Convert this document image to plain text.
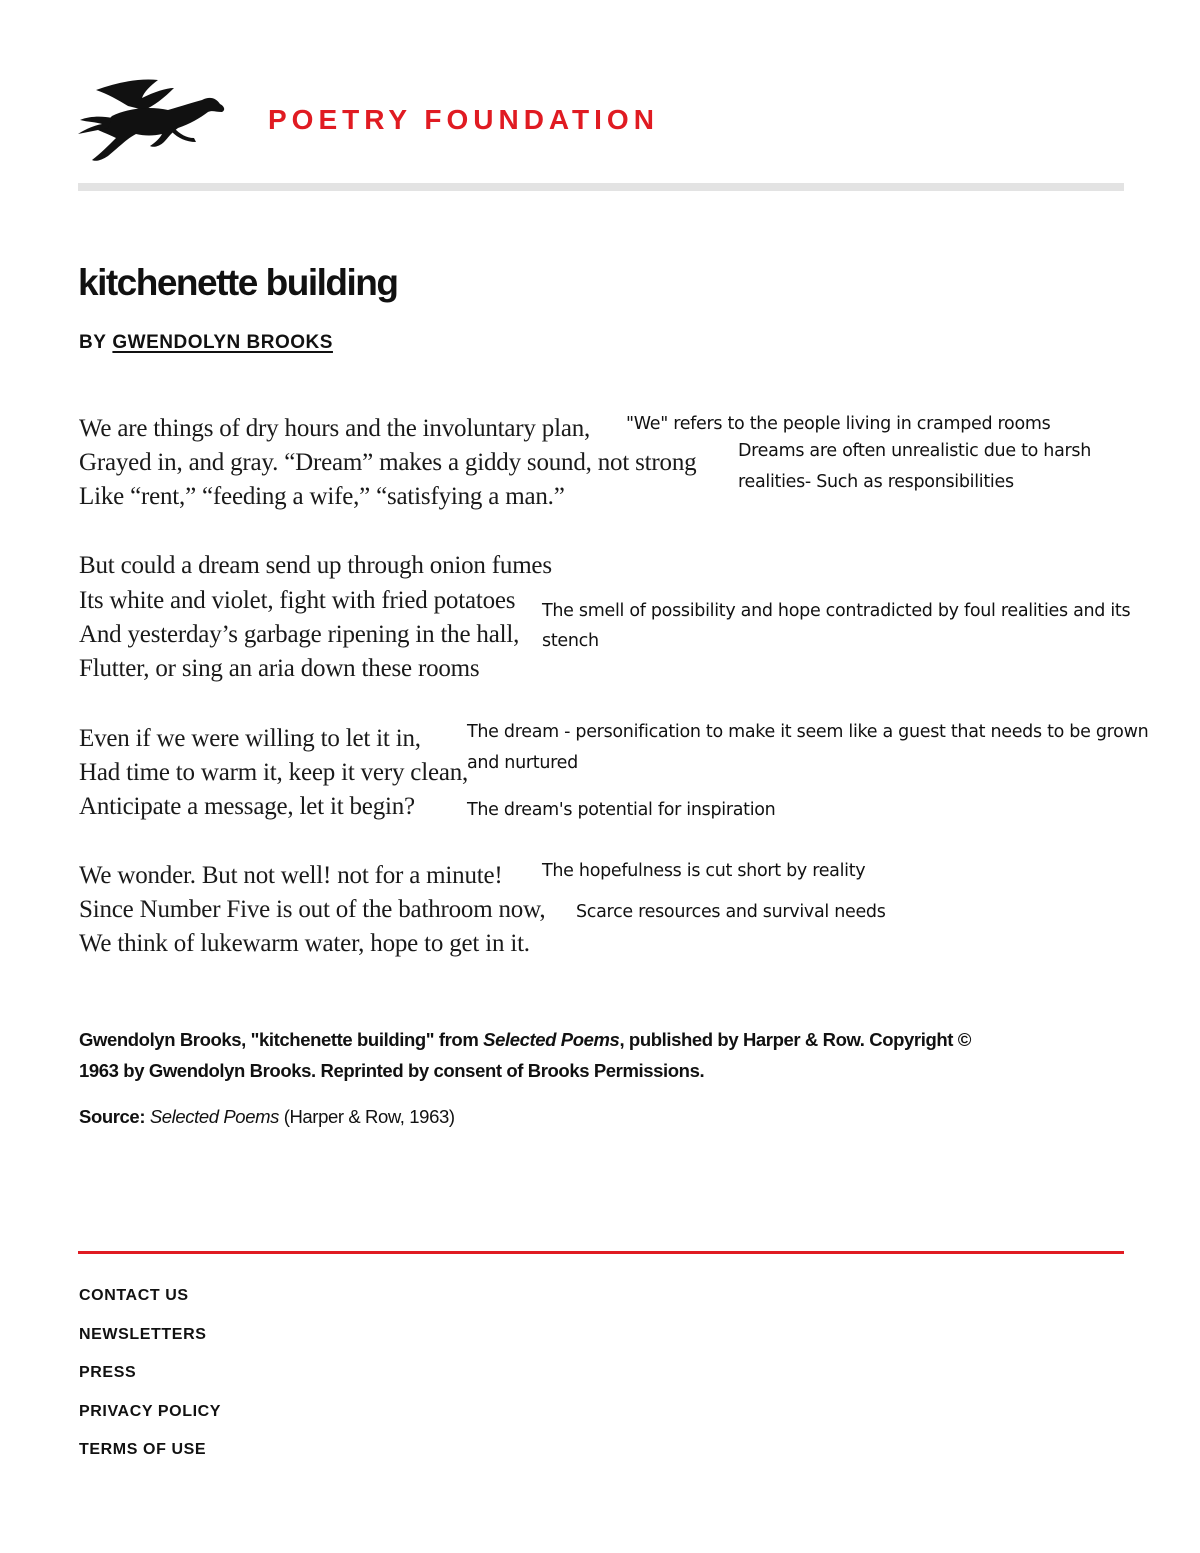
POETRY FOUNDATION
kitchenette building
BY GWENDOLYN BROOKS
We are things of dry hours and the involuntary plan,
Grayed in, and gray. “Dream” makes a giddy sound, not strong
Like “rent,” “feeding a wife,” “satisfying a man.”
But could a dream send up through onion fumes
Its white and violet, fight with fried potatoes
And yesterday’s garbage ripening in the hall,
Flutter, or sing an aria down these rooms
Even if we were willing to let it in,
Had time to warm it, keep it very clean,
Anticipate a message, let it begin?
We wonder. But not well! not for a minute!
Since Number Five is out of the bathroom now,
We think of lukewarm water, hope to get in it.
"We" refers to the people living in cramped rooms
Dreams are often unrealistic due to harsh
realities- Such as responsibilities
The smell of possibility and hope contradicted by foul realities and its
stench
The dream - personification to make it seem like a guest that needs to be grown
and nurtured
The dream's potential for inspiration
The hopefulness is cut short by reality
Scarce resources and survival needs
Gwendolyn Brooks, "kitchenette building" from Selected Poems, published by Harper & Row. Copyright ©
1963 by Gwendolyn Brooks. Reprinted by consent of Brooks Permissions.
Source: Selected Poems (Harper & Row, 1963)
CONTACT US
NEWSLETTERS
PRESS
PRIVACY POLICY
TERMS OF USE
